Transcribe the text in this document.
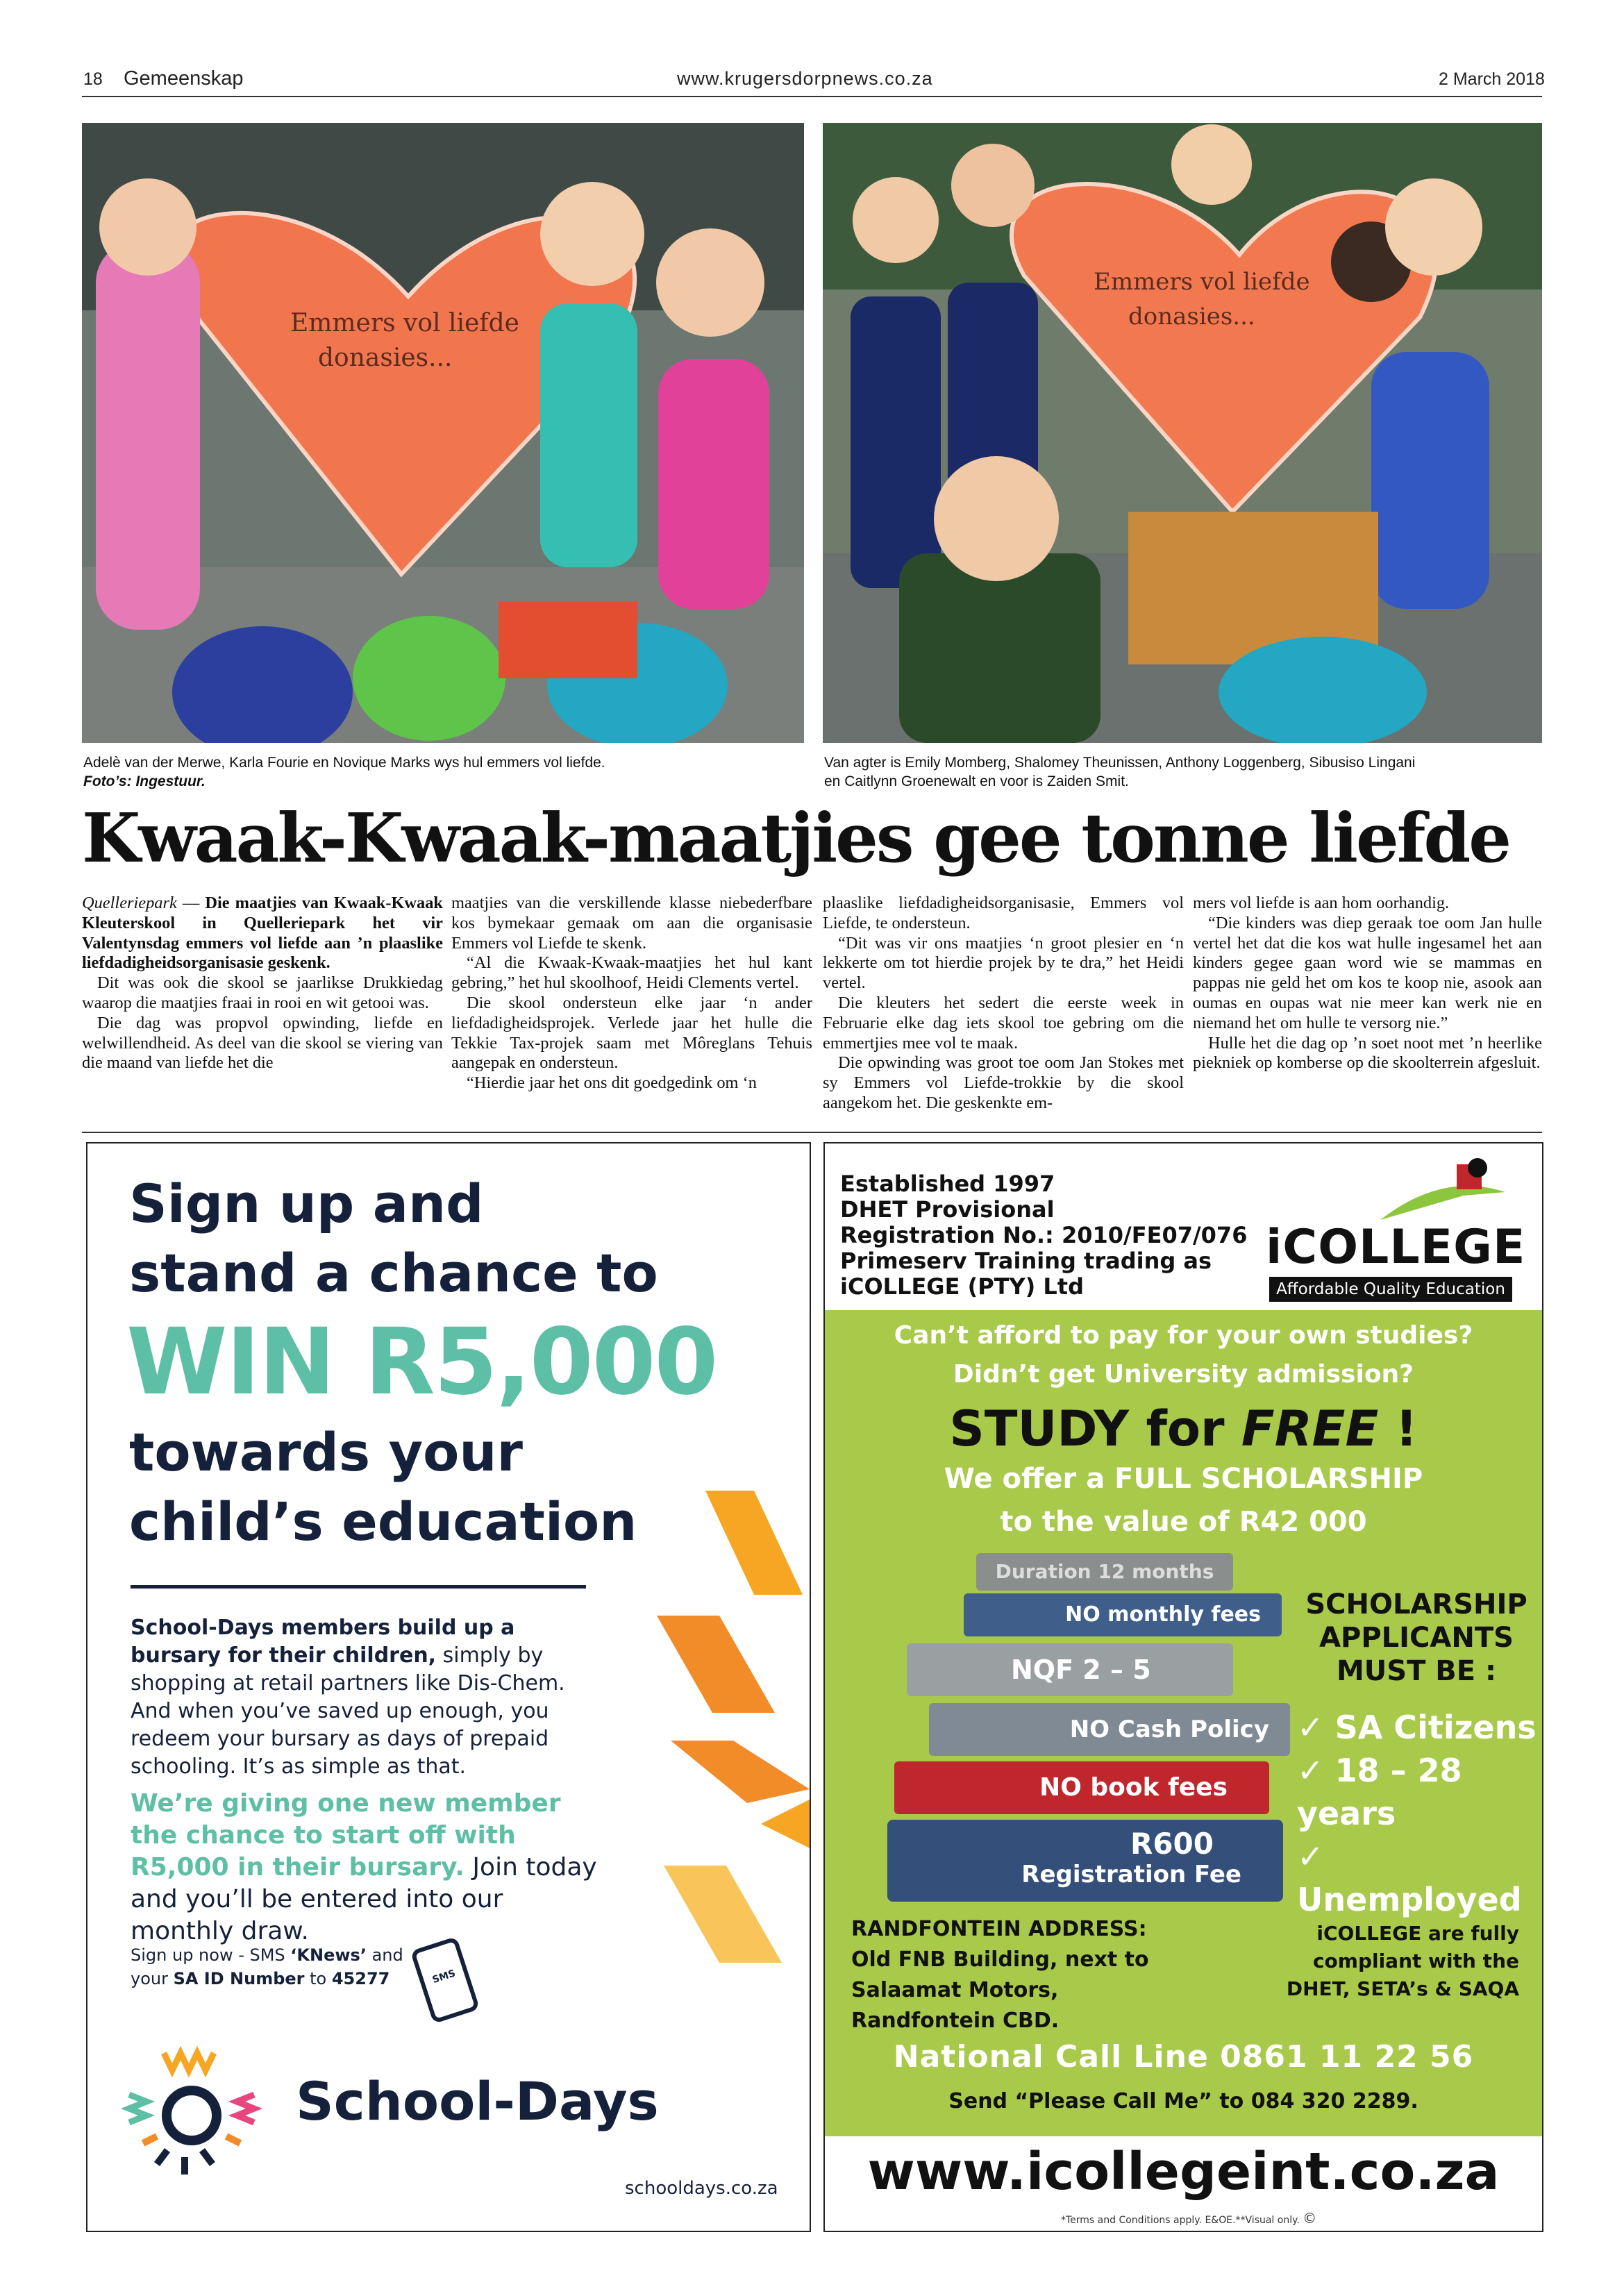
18 Gemeenskap	www.krugersdorpnews.co.za	2 March 2018
Emmers vol liefde
donasies...
Adelè van der Merwe, Karla Fourie en Novique Marks wys hul emmers vol liefde.
Foto’s: Ingestuur.
Emmers vol liefde
donasies...
Van agter is Emily Momberg, Shalomey Theunissen, Anthony Loggenberg, Sibusiso Lingani
en Caitlynn Groenewalt en voor is Zaiden Smit.
Kwaak-Kwaak-maatjies gee tonne liefde

Quelleriepark — Die maatjies van Kwaak-Kwaak Kleuterskool in Quelleriepark het vir Valentynsdag emmers vol liefde aan ’n plaaslike liefdadigheidsorganisasie geskenk.

Dit was ook die skool se jaarlikse Drukkiedag waarop die maatjies fraai in rooi en wit getooi was.

Die dag was propvol opwinding, liefde en welwillendheid. As deel van die skool se viering van die maand van liefde het die

maatjies van die verskillende klasse niebederfbare kos bymekaar gemaak om aan die organisasie Emmers vol Liefde te skenk.

“Al die Kwaak-Kwaak-maatjies het hul kant gebring,” het hul skoolhoof, Heidi Clements vertel.

Die skool ondersteun elke jaar ‘n ander liefdadigheidsprojek. Verlede jaar het hulle die Tekkie Tax-projek saam met Môreglans Tehuis aangepak en ondersteun.

“Hierdie jaar het ons dit goedgedink om ‘n

plaaslike liefdadigheidsorganisasie, Emmers vol Liefde, te ondersteun.

“Dit was vir ons maatjies ‘n groot plesier en ‘n lekkerte om tot hierdie projek by te dra,” het Heidi vertel.

Die kleuters het sedert die eerste week in Februarie elke dag iets skool toe gebring om die emmertjies mee vol te maak.

Die opwinding was groot toe oom Jan Stokes met sy Emmers vol Liefde-trokkie by die skool aangekom het. Die geskenkte em-

mers vol liefde is aan hom oorhandig.

“Die kinders was diep geraak toe oom Jan hulle vertel het dat die kos wat hulle ingesamel het aan kinders gegee gaan word wie se mammas en pappas nie geld het om kos te koop nie, asook aan oumas en oupas wat nie meer kan werk nie en niemand het om hulle te versorg nie.”

Hulle het die dag op ’n soet noot met ’n heerlike piekniek op komberse op die skoolterrein afgesluit.

Sign up and
stand a chance to
WIN R5,000
towards your
child’s education
School-Days members build up a bursary for their children, simply by shopping at retail partners like Dis-Chem. And when you’ve saved up enough, you redeem your bursary as days of prepaid schooling. It’s as simple as that.
We’re giving one new member the chance to start off with R5,000 in their bursary. Join today and you’ll be entered into our monthly draw.
Sign up now - SMS ‘KNews’ and your SA ID Number to 45277	SMS
School-Days
schooldays.co.za
Established 1997
DHET Provisional
Registration No.: 2010/FE07/076
Primeserv Training trading as
iCOLLEGE (PTY) Ltd
iCOLLEGE
Affordable Quality Education
Can’t afford to pay for your own studies?
Didn’t get University admission?
STUDY for FREE !
We offer a FULL SCHOLARSHIP
to the value of R42 000
Duration 12 months
NO monthly fees
NQF 2 – 5
NO Cash Policy
NO book fees
R600
Registration Fee
SCHOLARSHIP
APPLICANTS
MUST BE :
✓ SA Citizens
✓ 18 – 28 years
✓ Unemployed
RANDFONTEIN ADDRESS:
Old FNB Building, next to
Salaamat Motors,
Randfontein CBD.
iCOLLEGE are fully
compliant with the
DHET, SETA’s & SAQA
National Call Line 0861 11 22 56
Send “Please Call Me” to 084 320 2289.
www.icollegeint.co.za
*Terms and Conditions apply. E&OE.**Visual only. ©
